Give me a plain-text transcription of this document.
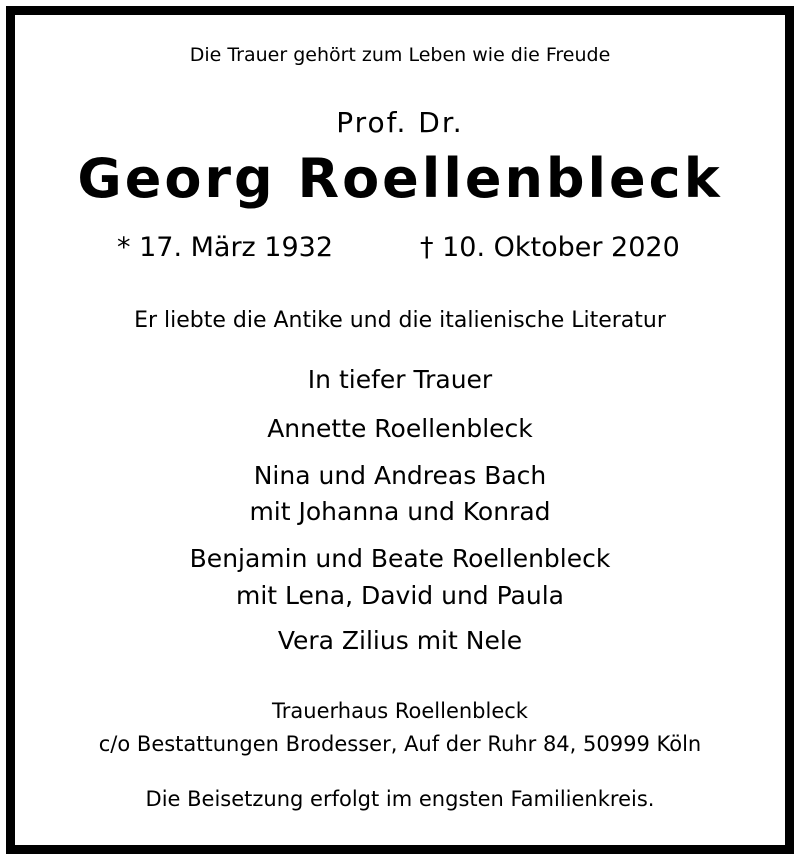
Die Trauer gehört zum Leben wie die Freude
Prof. Dr.
Georg Roellenbleck
* 17. März 1932	† 10. Oktober 2020
Er liebte die Antike und die italienische Literatur
In tiefer Trauer
Annette Roellenbleck
Nina und Andreas Bach
mit Johanna und Konrad
Benjamin und Beate Roellenbleck
mit Lena, David und Paula
Vera Zilius mit Nele
Trauerhaus Roellenbleck
c/o Bestattungen Brodesser, Auf der Ruhr 84, 50999 Köln
Die Beisetzung erfolgt im engsten Familienkreis.
